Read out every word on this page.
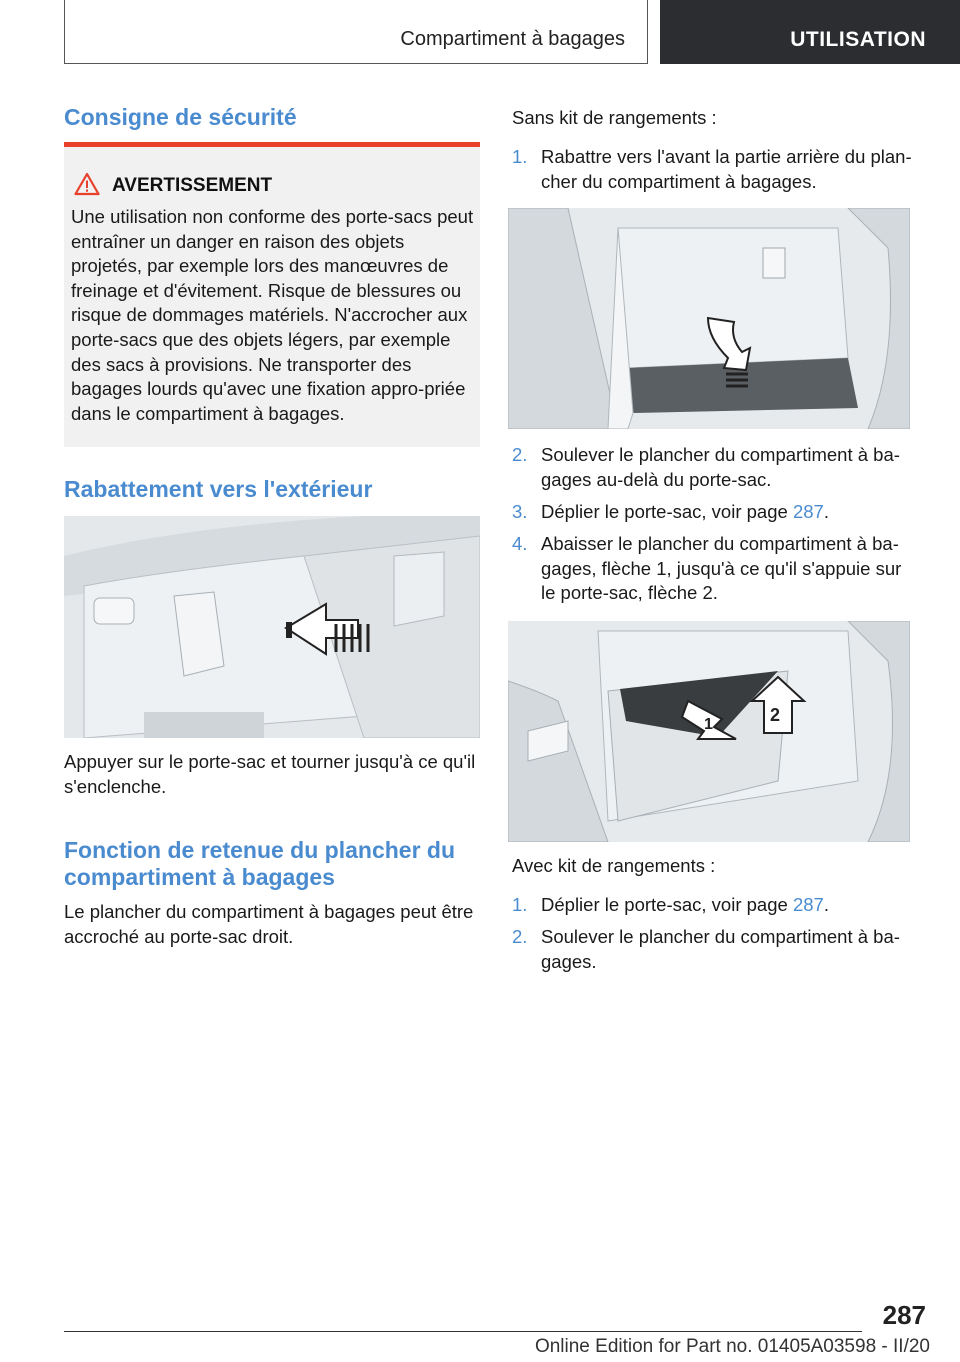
Compartiment à bagages	UTILISATION
Consigne de sécurité
AVERTISSEMENT
Une utilisation non conforme des porte-sacs peut entraîner un danger en raison des objets projetés, par exemple lors des manœuvres de freinage et d'évitement. Risque de blessures ou risque de dommages matériels. N'accrocher aux porte-sacs que des objets légers, par exemple des sacs à provisions. Ne transporter des bagages lourds qu'avec une fixation appro-priée dans le compartiment à bagages.
Rabattement vers l'extérieur

Appuyer sur le porte-sac et tourner jusqu'à ce qu'il s'enclenche.

Fonction de retenue du plancher du compartiment à bagages

Le plancher du compartiment à bagages peut être accroché au porte-sac droit.

Sans kit de rangements :

1. Rabattre vers l'avant la partie arrière du plan-cher du compartiment à bagages.
2. Soulever le plancher du compartiment à ba-gages au-delà du porte-sac.
3. Déplier le porte-sac, voir page 287.
4. Abaisser le plancher du compartiment à ba-gages, flèche 1, jusqu'à ce qu'il s'appuie sur le porte-sac, flèche 2.
1	2

Avec kit de rangements :

1. Déplier le porte-sac, voir page 287.
2. Soulever le plancher du compartiment à ba-gages.
287
Online Edition for Part no. 01405A03598 - II/20
